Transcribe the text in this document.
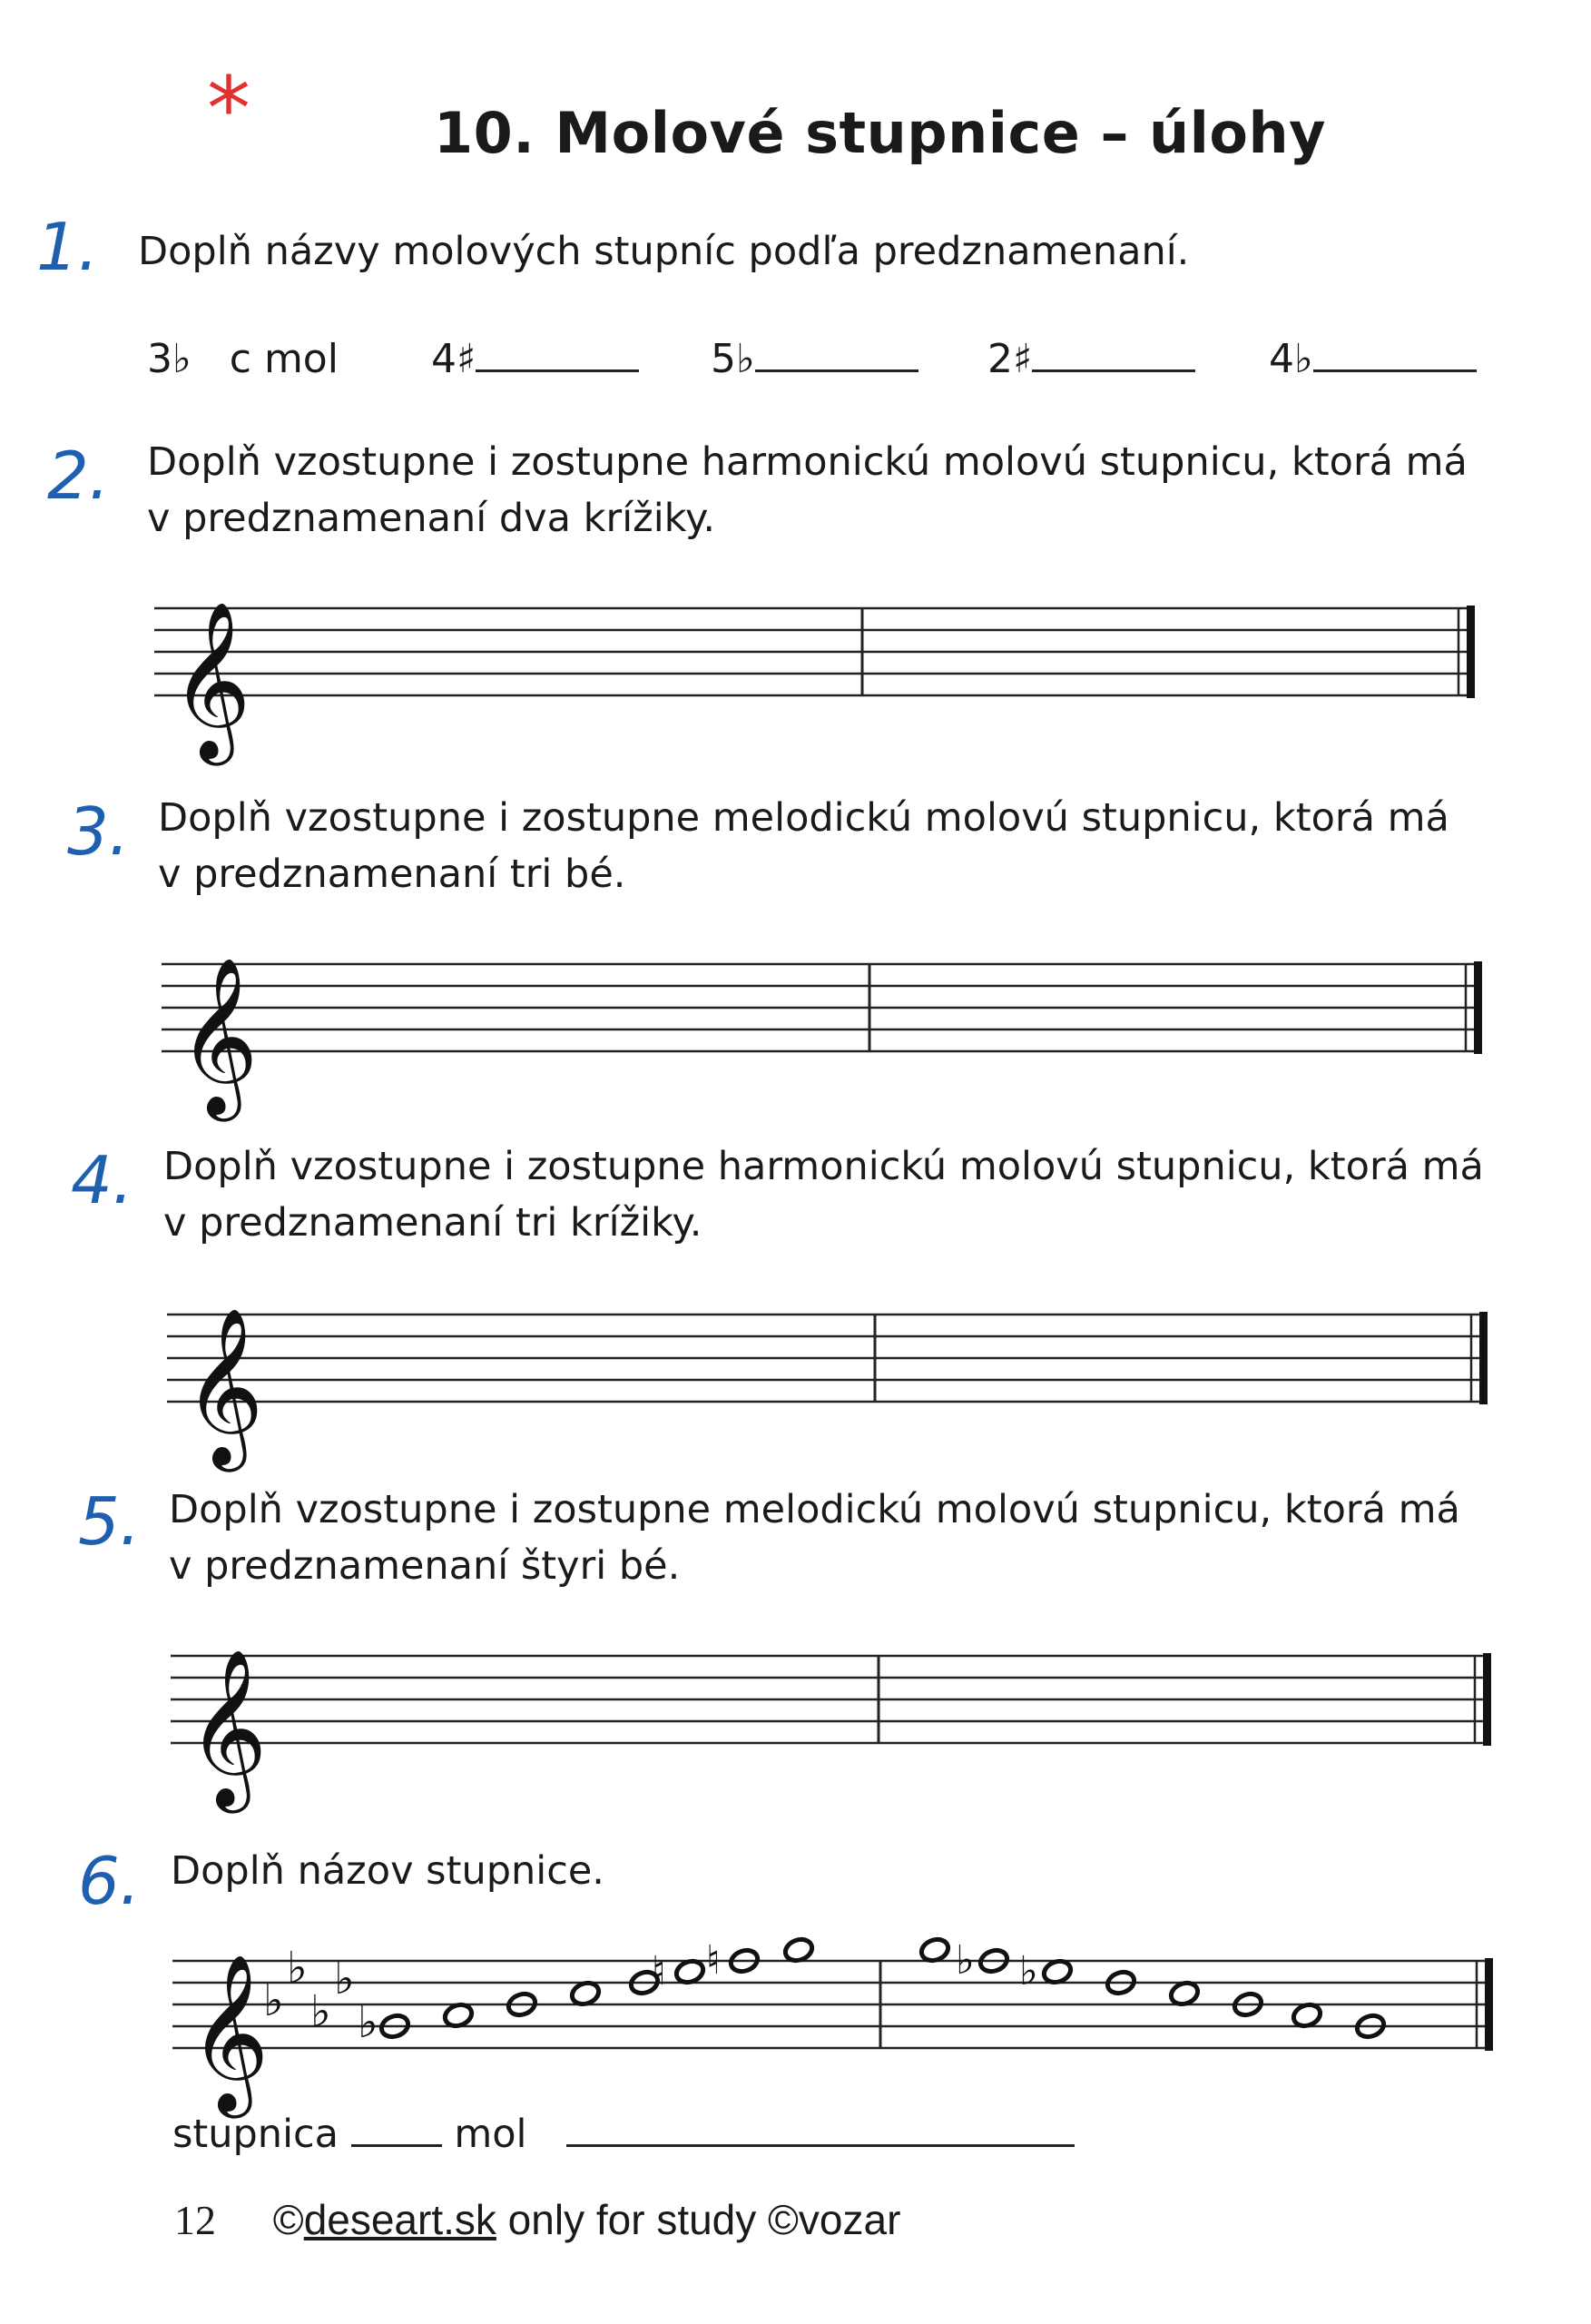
*	10. Molové stupnice – úlohy
1. Doplň názvy molových stupníc podľa predznamenaní.
3♭ c mol 4♯	5♭	2♯	4♭
2. Doplň vzostupne i zostupne harmonickú molovú stupnicu, ktorá má
v predznamenaní dva krížiky.
𝄞
3. Doplň vzostupne i zostupne melodickú molovú stupnicu, ktorá má
v predznamenaní tri bé.
𝄞
4. Doplň vzostupne i zostupne harmonickú molovú stupnicu, ktorá má
v predznamenaní tri krížiky.
𝄞
5. Doplň vzostupne i zostupne melodickú molovú stupnicu, ktorá má
v predznamenaní štyri bé.
𝄞
6. Doplň názov stupnice.
𝄞
♭
♭
♭
♭
♭
♮ ♮	♭ ♭
stupnica	mol
12 ©deseart.sk only for study ©vozar
